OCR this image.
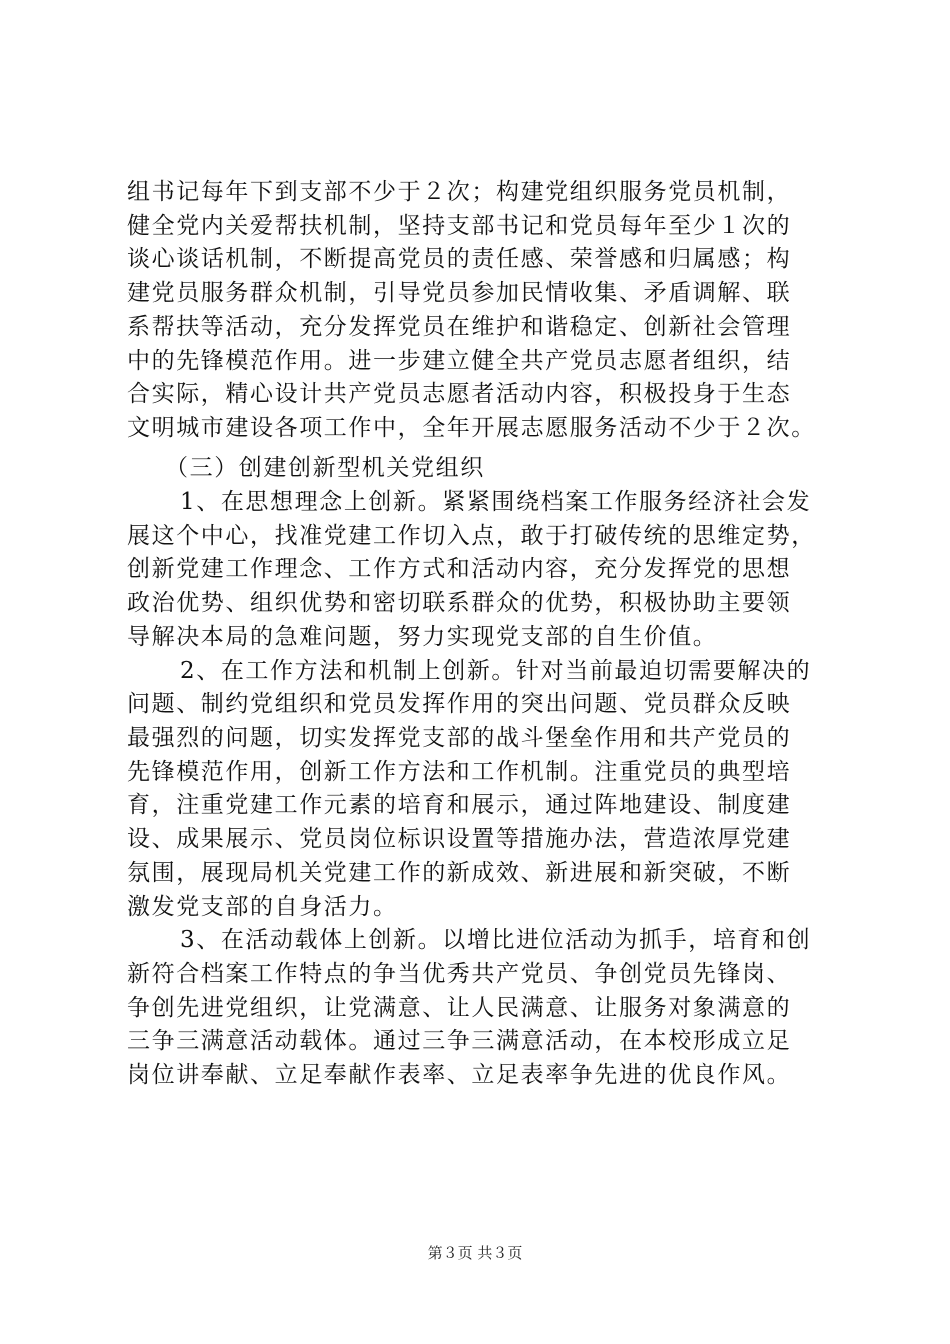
组书记每年下到支部不少于２次；构建党组织服务党员机制，
健全党内关爱帮扶机制，坚持支部书记和党员每年至少１次的
谈心谈话机制，不断提高党员的责任感、荣誉感和归属感；构
建党员服务群众机制，引导党员参加民情收集、矛盾调解、联
系帮扶等活动，充分发挥党员在维护和谐稳定、创新社会管理
中的先锋模范作用。进一步建立健全共产党员志愿者组织，结
合实际，精心设计共产党员志愿者活动内容，积极投身于生态
文明城市建设各项工作中，全年开展志愿服务活动不少于２次。
（三）创建创新型机关党组织
1、在思想理念上创新。紧紧围绕档案工作服务经济社会发
展这个中心，找准党建工作切入点，敢于打破传统的思维定势，
创新党建工作理念、工作方式和活动内容，充分发挥党的思想
政治优势、组织优势和密切联系群众的优势，积极协助主要领
导解决本局的急难问题，努力实现党支部的自生价值。
2、在工作方法和机制上创新。针对当前最迫切需要解决的
问题、制约党组织和党员发挥作用的突出问题、党员群众反映
最强烈的问题，切实发挥党支部的战斗堡垒作用和共产党员的
先锋模范作用，创新工作方法和工作机制。注重党员的典型培
育，注重党建工作元素的培育和展示，通过阵地建设、制度建
设、成果展示、党员岗位标识设置等措施办法，营造浓厚党建
氛围，展现局机关党建工作的新成效、新进展和新突破，不断
激发党支部的自身活力。
3、在活动载体上创新。以增比进位活动为抓手，培育和创
新符合档案工作特点的争当优秀共产党员、争创党员先锋岗、
争创先进党组织，让党满意、让人民满意、让服务对象满意的
三争三满意活动载体。通过三争三满意活动，在本校形成立足
岗位讲奉献、立足奉献作表率、立足表率争先进的优良作风。
第３页 共３页
